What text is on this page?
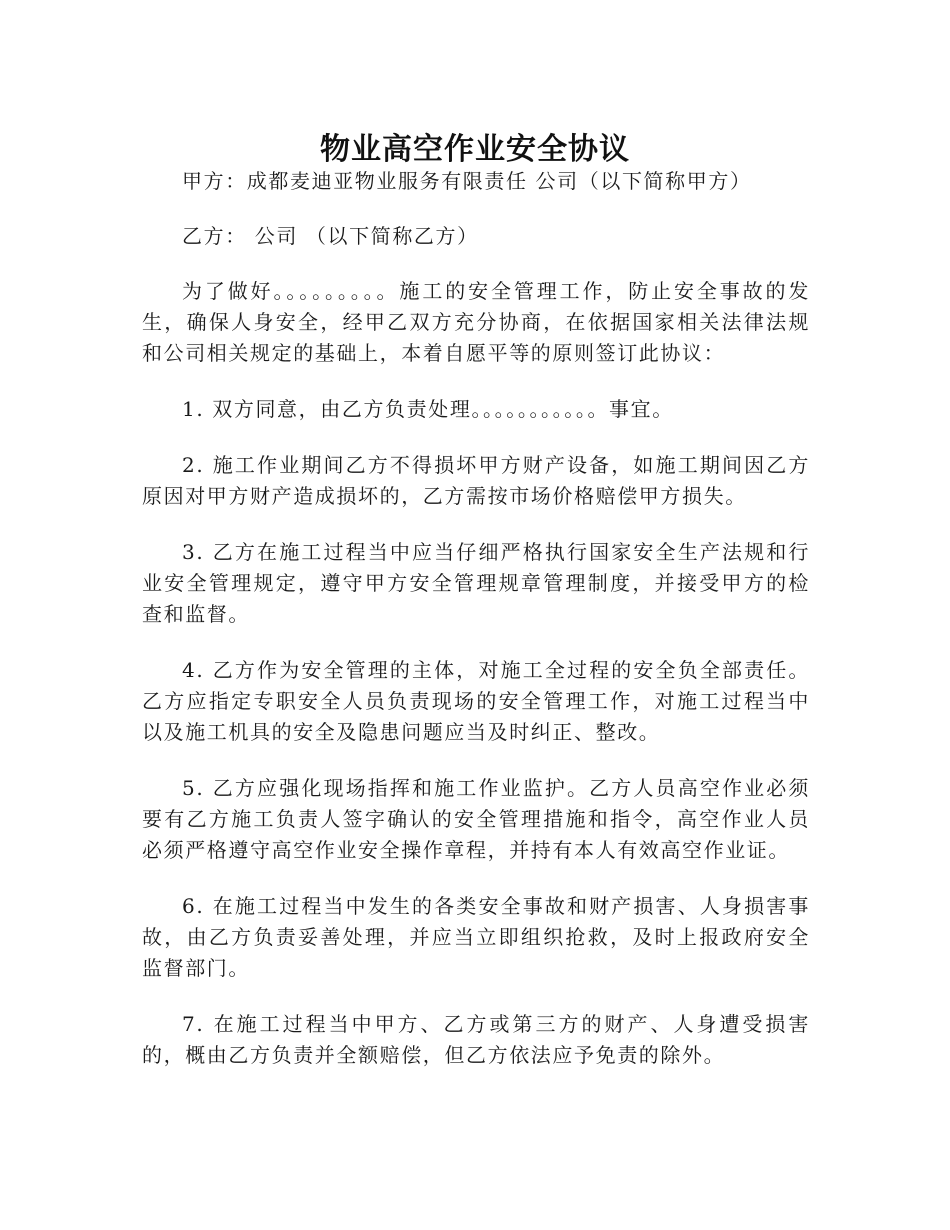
物业高空作业安全协议

甲方：成都麦迪亚物业服务有限责任 公司（以下简称甲方）

乙方： 公司 （以下简称乙方）

为了做好。。。。。。。。。施工的安全管理工作，防止安全事故的发生，确保人身安全，经甲乙双方充分协商，在依据国家相关法律法规和公司相关规定的基础上，本着自愿平等的原则签订此协议：

1. 双方同意，由乙方负责处理。。。。。。。。。。。事宜。

2. 施工作业期间乙方不得损坏甲方财产设备，如施工期间因乙方原因对甲方财产造成损坏的，乙方需按市场价格赔偿甲方损失。

3. 乙方在施工过程当中应当仔细严格执行国家安全生产法规和行业安全管理规定，遵守甲方安全管理规章管理制度，并接受甲方的检查和监督。

4. 乙方作为安全管理的主体，对施工全过程的安全负全部责任。乙方应指定专职安全人员负责现场的安全管理工作，对施工过程当中以及施工机具的安全及隐患问题应当及时纠正、整改。

5. 乙方应强化现场指挥和施工作业监护。乙方人员高空作业必须要有乙方施工负责人签字确认的安全管理措施和指令，高空作业人员必须严格遵守高空作业安全操作章程，并持有本人有效高空作业证。

6. 在施工过程当中发生的各类安全事故和财产损害、人身损害事故，由乙方负责妥善处理，并应当立即组织抢救，及时上报政府安全监督部门。

7. 在施工过程当中甲方、乙方或第三方的财产、人身遭受损害的，概由乙方负责并全额赔偿，但乙方依法应予免责的除外。
